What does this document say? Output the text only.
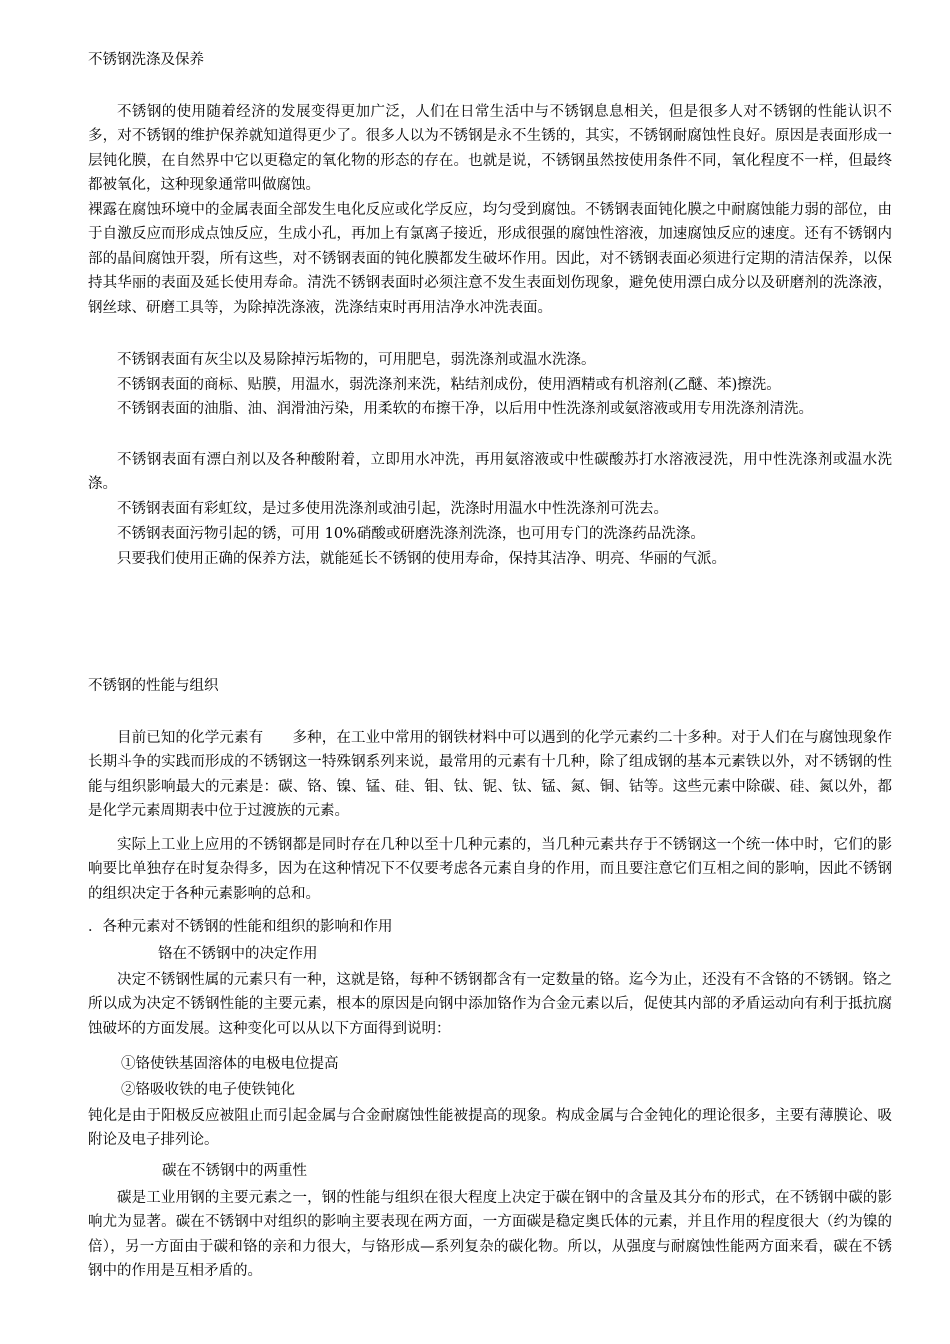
不锈钢洗涤及保养

不锈钢的使用随着经济的发展变得更加广泛，人们在日常生活中与不锈钢息息相关，但是很多人对不锈钢的性能认识不多，对不锈钢的维护保养就知道得更少了。很多人以为不锈钢是永不生锈的，其实，不锈钢耐腐蚀性良好。原因是表面形成一层钝化膜，在自然界中它以更稳定的氧化物的形态的存在。也就是说，不锈钢虽然按使用条件不同，氧化程度不一样，但最终都被氧化，这种现象通常叫做腐蚀。

裸露在腐蚀环境中的金属表面全部发生电化反应或化学反应，均匀受到腐蚀。不锈钢表面钝化膜之中耐腐蚀能力弱的部位，由于自激反应而形成点蚀反应，生成小孔，再加上有氯离子接近，形成很强的腐蚀性溶液，加速腐蚀反应的速度。还有不锈钢内部的晶间腐蚀开裂，所有这些，对不锈钢表面的钝化膜都发生破坏作用。因此，对不锈钢表面必须进行定期的清洁保养，以保持其华丽的表面及延长使用寿命。清洗不锈钢表面时必须注意不发生表面划伤现象，避免使用漂白成分以及研磨剂的洗涤液，钢丝球、研磨工具等，为除掉洗涤液，洗涤结束时再用洁净水冲洗表面。

不锈钢表面有灰尘以及易除掉污垢物的，可用肥皂，弱洗涤剂或温水洗涤。

不锈钢表面的商标、贴膜，用温水，弱洗涤剂来洗，粘结剂成份，使用酒精或有机溶剂(乙醚、苯)擦洗。

不锈钢表面的油脂、油、润滑油污染，用柔软的布擦干净，以后用中性洗涤剂或氨溶液或用专用洗涤剂清洗。

不锈钢表面有漂白剂以及各种酸附着，立即用水冲洗，再用氨溶液或中性碳酸苏打水溶液浸洗，用中性洗涤剂或温水洗涤。

不锈钢表面有彩虹纹，是过多使用洗涤剂或油引起，洗涤时用温水中性洗涤剂可洗去。

不锈钢表面污物引起的锈，可用 10%硝酸或研磨洗涤剂洗涤，也可用专门的洗涤药品洗涤。

只要我们使用正确的保养方法，就能延长不锈钢的使用寿命，保持其洁净、明亮、华丽的气派。

不锈钢的性能与组织

目前已知的化学元素有　　多种，在工业中常用的钢铁材料中可以遇到的化学元素约二十多种。对于人们在与腐蚀现象作长期斗争的实践而形成的不锈钢这一特殊钢系列来说，最常用的元素有十几种，除了组成钢的基本元素铁以外，对不锈钢的性能与组织影响最大的元素是：碳、铬、镍、锰、硅、钼、钛、铌、钛、锰、氮、铜、钴等。这些元素中除碳、硅、氮以外，都是化学元素周期表中位于过渡族的元素。

实际上工业上应用的不锈钢都是同时存在几种以至十几种元素的，当几种元素共存于不锈钢这一个统一体中时，它们的影响要比单独存在时复杂得多，因为在这种情况下不仅要考虑各元素自身的作用，而且要注意它们互相之间的影响，因此不锈钢的组织决定于各种元素影响的总和。

．各种元素对不锈钢的性能和组织的影响和作用
铬在不锈钢中的决定作用

决定不锈钢性属的元素只有一种，这就是铬，每种不锈钢都含有一定数量的铬。迄今为止，还没有不含铬的不锈钢。铬之所以成为决定不锈钢性能的主要元素，根本的原因是向钢中添加铬作为合金元素以后，促使其内部的矛盾运动向有利于抵抗腐蚀破坏的方面发展。这种变化可以从以下方面得到说明：

①铬使铁基固溶体的电极电位提高
②铬吸收铁的电子使铁钝化

钝化是由于阳极反应被阻止而引起金属与合金耐腐蚀性能被提高的现象。构成金属与合金钝化的理论很多，主要有薄膜论、吸附论及电子排列论。

碳在不锈钢中的两重性

碳是工业用钢的主要元素之一，钢的性能与组织在很大程度上决定于碳在钢中的含量及其分布的形式，在不锈钢中碳的影响尤为显著。碳在不锈钢中对组织的影响主要表现在两方面，一方面碳是稳定奥氏体的元素，并且作用的程度很大（约为镍的　　倍），另一方面由于碳和铬的亲和力很大，与铬形成—系列复杂的碳化物。所以，从强度与耐腐蚀性能两方面来看，碳在不锈钢中的作用是互相矛盾的。
